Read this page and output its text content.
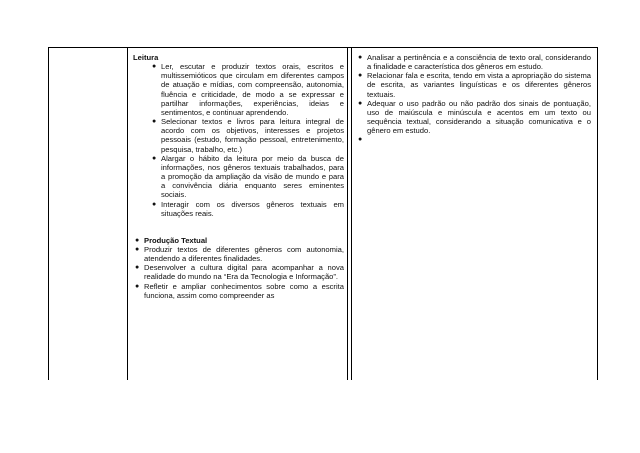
Leitura
● Ler, escutar e produzir textos orais, escritos e multissemióticos que circulam em diferentes campos de atuação e mídias, com compreensão, autonomia, fluência e criticidade, de modo a se expressar e partilhar informações, experiências, ideias e sentimentos, e continuar aprendendo.
● Selecionar textos e livros para leitura integral de acordo com os objetivos, interesses e projetos pessoais (estudo, formação pessoal, entretenimento, pesquisa, trabalho, etc.)
● Alargar o hábito da leitura por meio da busca de informações, nos gêneros textuais trabalhados, para a promoção da ampliação da visão de mundo e para a convivência diária enquanto seres eminentes sociais.
● Interagir com os diversos gêneros textuais em situações reais.
● Produção Textual
● Produzir textos de diferentes gêneros com autonomia, atendendo a diferentes finalidades.
● Desenvolver a cultura digital para acompanhar a nova realidade do mundo na “Era da Tecnologia e Informação”.
● Refletir e ampliar conhecimentos sobre como a escrita funciona, assim como compreender as
● Analisar a pertinência e a consciência de texto oral, considerando a finalidade e característica dos gêneros em estudo.
● Relacionar fala e escrita, tendo em vista a apropriação do sistema de escrita, as variantes linguísticas e os diferentes gêneros textuais.
● Adequar o uso padrão ou não padrão dos sinais de pontuação, uso de maiúscula e minúscula e acentos em um texto ou sequência textual, considerando a situação comunicativa e o gênero em estudo.
●
